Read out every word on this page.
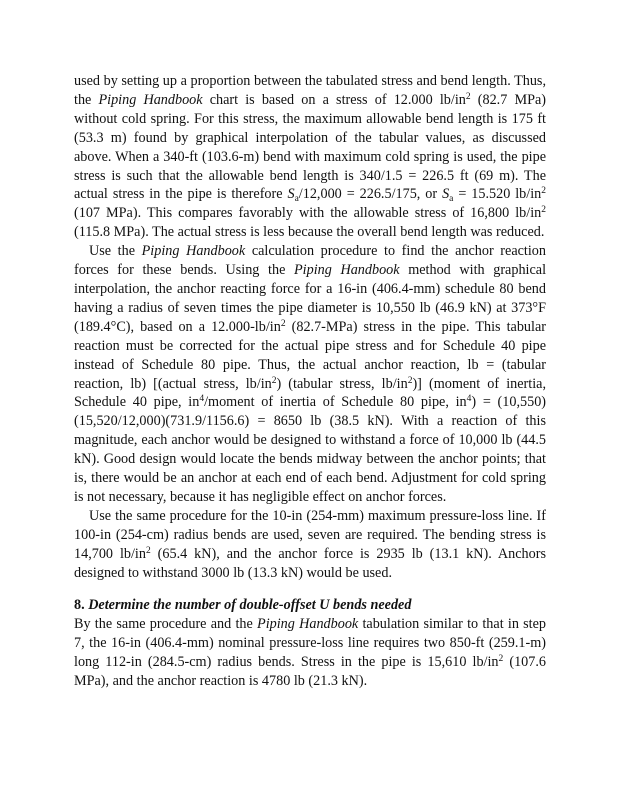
used by setting up a proportion between the tabulated stress and bend length. Thus, the Piping Handbook chart is based on a stress of 12.000 $lb/in^2$ (82.7 MPa) without cold spring. For this stress, the maximum allowable bend length is 175 ft (53.3 m) found by graphical interpolation of the tabular values, as discussed above. When a 340-ft (103.6-m) bend with maximum cold spring is used, the pipe stress is such that the allowable bend length is 340/1.5 = 226.5 ft (69 m). The actual stress in the pipe is therefore $S_a/12,000 = 226.5/175$, or $S_a = 15.520$ $lb/in^2$ (107 MPa). This compares favorably with the allowable stress of 16,800 $lb/in^2$ (115.8 MPa). The actual stress is less because the overall bend length was reduced.

Use the Piping Handbook calculation procedure to find the anchor reaction forces for these bends. Using the Piping Handbook method with graphical interpolation, the anchor reacting force for a 16-in (406.4-mm) schedule 80 bend having a radius of seven times the pipe diameter is 10,550 lb (46.9 kN) at 373°F (189.4°C), based on a $12.000-lb/in^2$ (82.7-MPa) stress in the pipe. This tabular reaction must be corrected for the actual pipe stress and for Schedule 40 pipe instead of Schedule 80 pipe. Thus, the actual anchor reaction, lb = (tabular reaction, lb) [(actual stress, $lb/in^2$) (tabular stress, $lb/in^2$)] (moment of inertia, Schedule 40 pipe, $in^4$/moment of inertia of Schedule 80 pipe, $in^4) = (10,550)(15,520/12,000)(731.9/1156.6) = 8650$ lb (38.5 kN). With a reaction of this magnitude, each anchor would be designed to withstand a force of 10,000 lb (44.5 kN). Good design would locate the bends midway between the anchor points; that is, there would be an anchor at each end of each bend. Adjustment for cold spring is not necessary, because it has negligible effect on anchor forces.

Use the same procedure for the 10-in (254-mm) maximum pressure-loss line. If 100-in (254-cm) radius bends are used, seven are required. The bending stress is 14,700 $lb/in^2$ (65.4 kN), and the anchor force is 2935 lb (13.1 kN). Anchors designed to withstand 3000 lb (13.3 kN) would be used.

8. Determine the number of double-offset U bends needed

By the same procedure and the Piping Handbook tabulation similar to that in step 7, the 16-in (406.4-mm) nominal pressure-loss line requires two 850-ft (259.1-m) long 112-in (284.5-cm) radius bends. Stress in the pipe is 15,610 $lb/in^2$ (107.6 MPa), and the anchor reaction is 4780 lb (21.3 kN).
